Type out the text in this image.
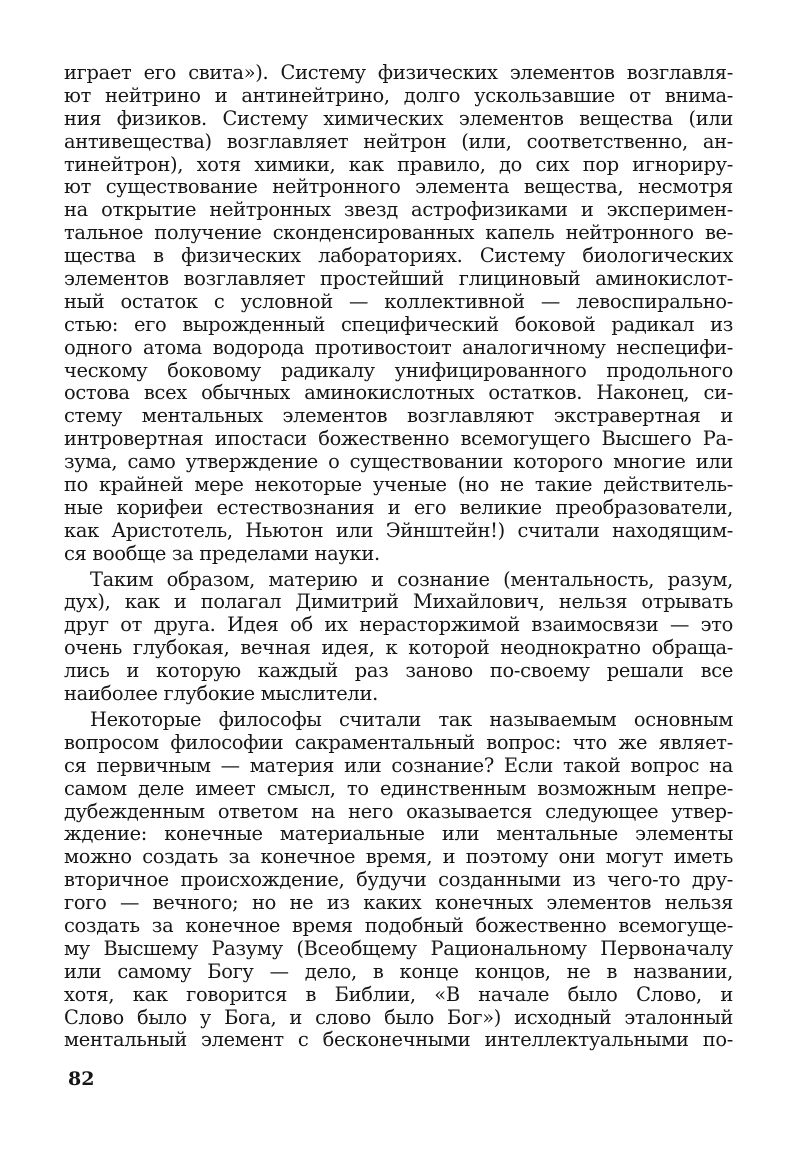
играет его свита»). Систему физических элементов возглавля-
ют нейтрино и антинейтрино, долго ускользавшие от внима-
ния физиков. Систему химических элементов вещества (или
антивещества) возглавляет нейтрон (или, соответственно, ан-
тинейтрон), хотя химики, как правило, до сих пор игнориру-
ют существование нейтронного элемента вещества, несмотря
на открытие нейтронных звезд астрофизиками и эксперимен-
тальное получение сконденсированных капель нейтронного ве-
щества в физических лабораториях. Систему биологических
элементов возглавляет простейший глициновый аминокислот-
ный остаток с условной — коллективной — левоспирально-
стью: его вырожденный специфический боковой радикал из
одного атома водорода противостоит аналогичному неспецифи-
ческому боковому радикалу унифицированного продольного
остова всех обычных аминокислотных остатков. Наконец, си-
стему ментальных элементов возглавляют экстравертная и
интровертная ипостаси божественно всемогущего Высшего Ра-
зума, само утверждение о существовании которого многие или
по крайней мере некоторые ученые (но не такие действитель-
ные корифеи естествознания и его великие преобразователи,
как Аристотель, Ньютон или Эйнштейн!) считали находящим-
ся вообще за пределами науки.
Таким образом, материю и сознание (ментальность, разум,
дух), как и полагал Димитрий Михайлович, нельзя отрывать
друг от друга. Идея об их нерасторжимой взаимосвязи — это
очень глубокая, вечная идея, к которой неоднократно обраща-
лись и которую каждый раз заново по-своему решали все
наиболее глубокие мыслители.
Некоторые философы считали так называемым основным
вопросом философии сакраментальный вопрос: что же являет-
ся первичным — материя или сознание? Если такой вопрос на
самом деле имеет смысл, то единственным возможным непре-
дубежденным ответом на него оказывается следующее утвер-
ждение: конечные материальные или ментальные элементы
можно создать за конечное время, и поэтому они могут иметь
вторичное происхождение, будучи созданными из чего-то дру-
гого — вечного; но не из каких конечных элементов нельзя
создать за конечное время подобный божественно всемогуще-
му Высшему Разуму (Всеобщему Рациональному Первоначалу
или самому Богу — дело, в конце концов, не в названии,
хотя, как говорится в Библии, «В начале было Слово, и
Слово было у Бога, и слово было Бог») исходный эталонный
ментальный элемент с бесконечными интеллектуальными по-
82
